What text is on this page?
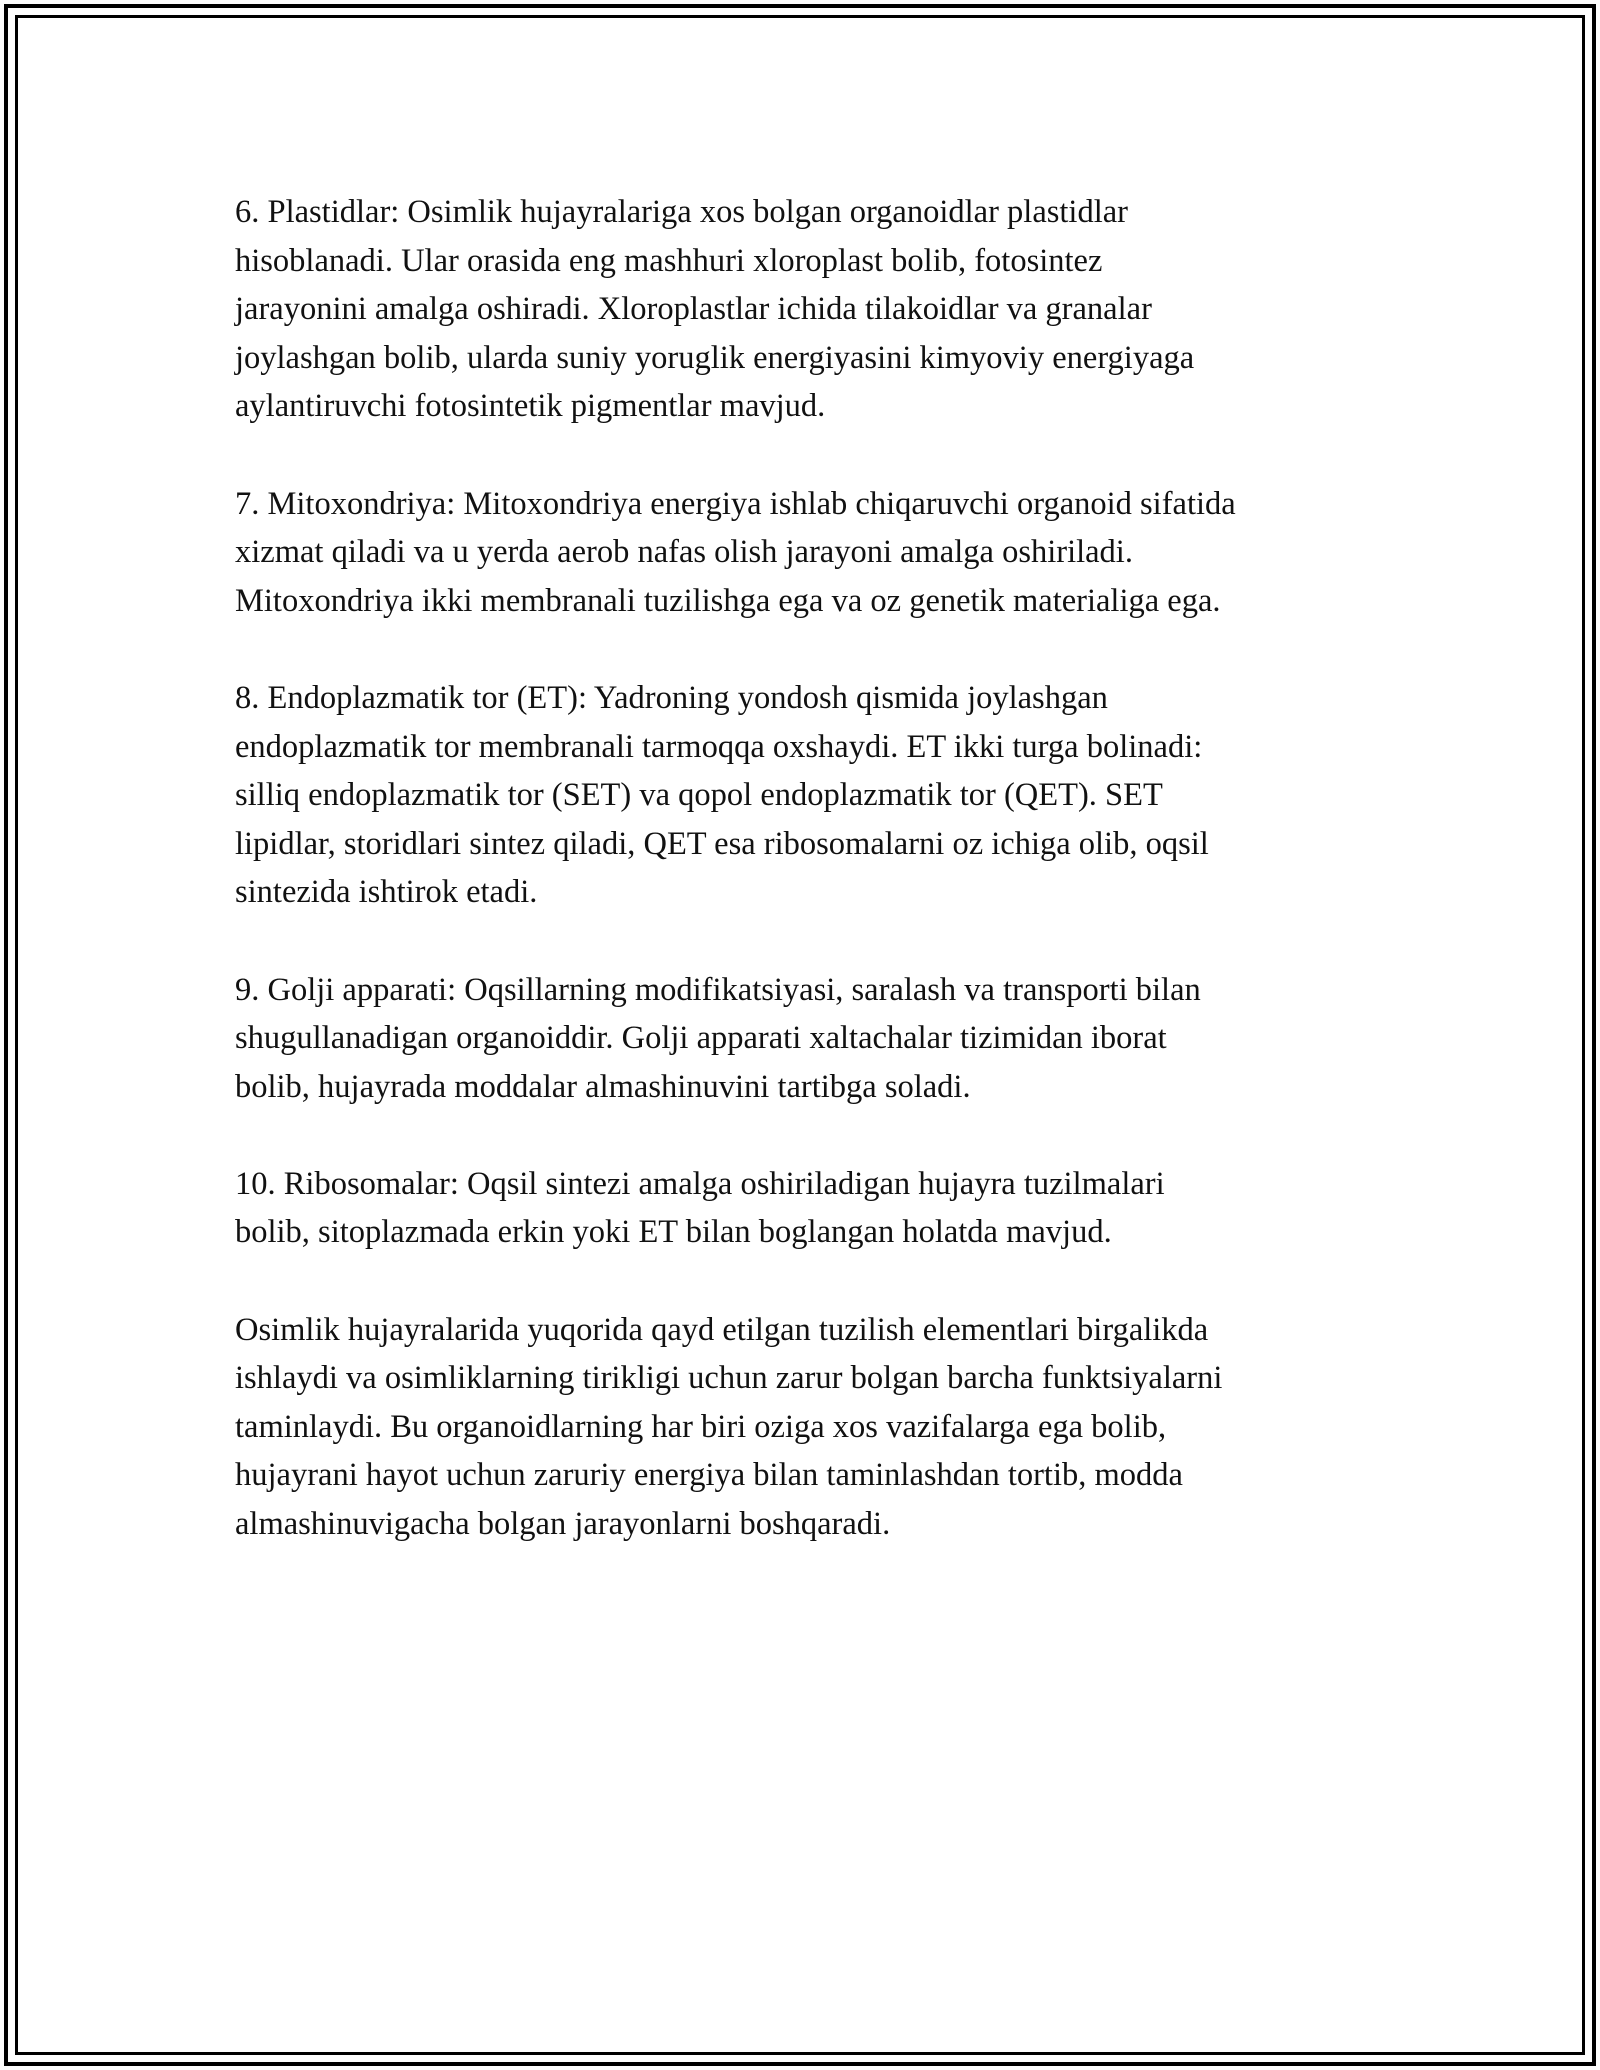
6. Plastidlar: Osimlik hujayralariga xos bolgan organoidlar plastidlar
hisoblanadi. Ular orasida eng mashhuri xloroplast bolib, fotosintez
jarayonini amalga oshiradi. Xloroplastlar ichida tilakoidlar va granalar
joylashgan bolib, ularda suniy yoruglik energiyasini kimyoviy energiyaga
aylantiruvchi fotosintetik pigmentlar mavjud.

7. Mitoxondriya: Mitoxondriya energiya ishlab chiqaruvchi organoid sifatida
xizmat qiladi va u yerda aerob nafas olish jarayoni amalga oshiriladi.
Mitoxondriya ikki membranali tuzilishga ega va oz genetik materialiga ega.

8. Endoplazmatik tor (ET): Yadroning yondosh qismida joylashgan
endoplazmatik tor membranali tarmoqqa oxshaydi. ET ikki turga bolinadi:
silliq endoplazmatik tor (SET) va qopol endoplazmatik tor (QET). SET
lipidlar, storidlari sintez qiladi, QET esa ribosomalarni oz ichiga olib, oqsil
sintezida ishtirok etadi.

9. Golji apparati: Oqsillarning modifikatsiyasi, saralash va transporti bilan
shugullanadigan organoiddir. Golji apparati xaltachalar tizimidan iborat
bolib, hujayrada moddalar almashinuvini tartibga soladi.

10. Ribosomalar: Oqsil sintezi amalga oshiriladigan hujayra tuzilmalari
bolib, sitoplazmada erkin yoki ET bilan boglangan holatda mavjud.

Osimlik hujayralarida yuqorida qayd etilgan tuzilish elementlari birgalikda
ishlaydi va osimliklarning tirikligi uchun zarur bolgan barcha funktsiyalarni
taminlaydi. Bu organoidlarning har biri oziga xos vazifalarga ega bolib,
hujayrani hayot uchun zaruriy energiya bilan taminlashdan tortib, modda
almashinuvigacha bolgan jarayonlarni boshqaradi.
